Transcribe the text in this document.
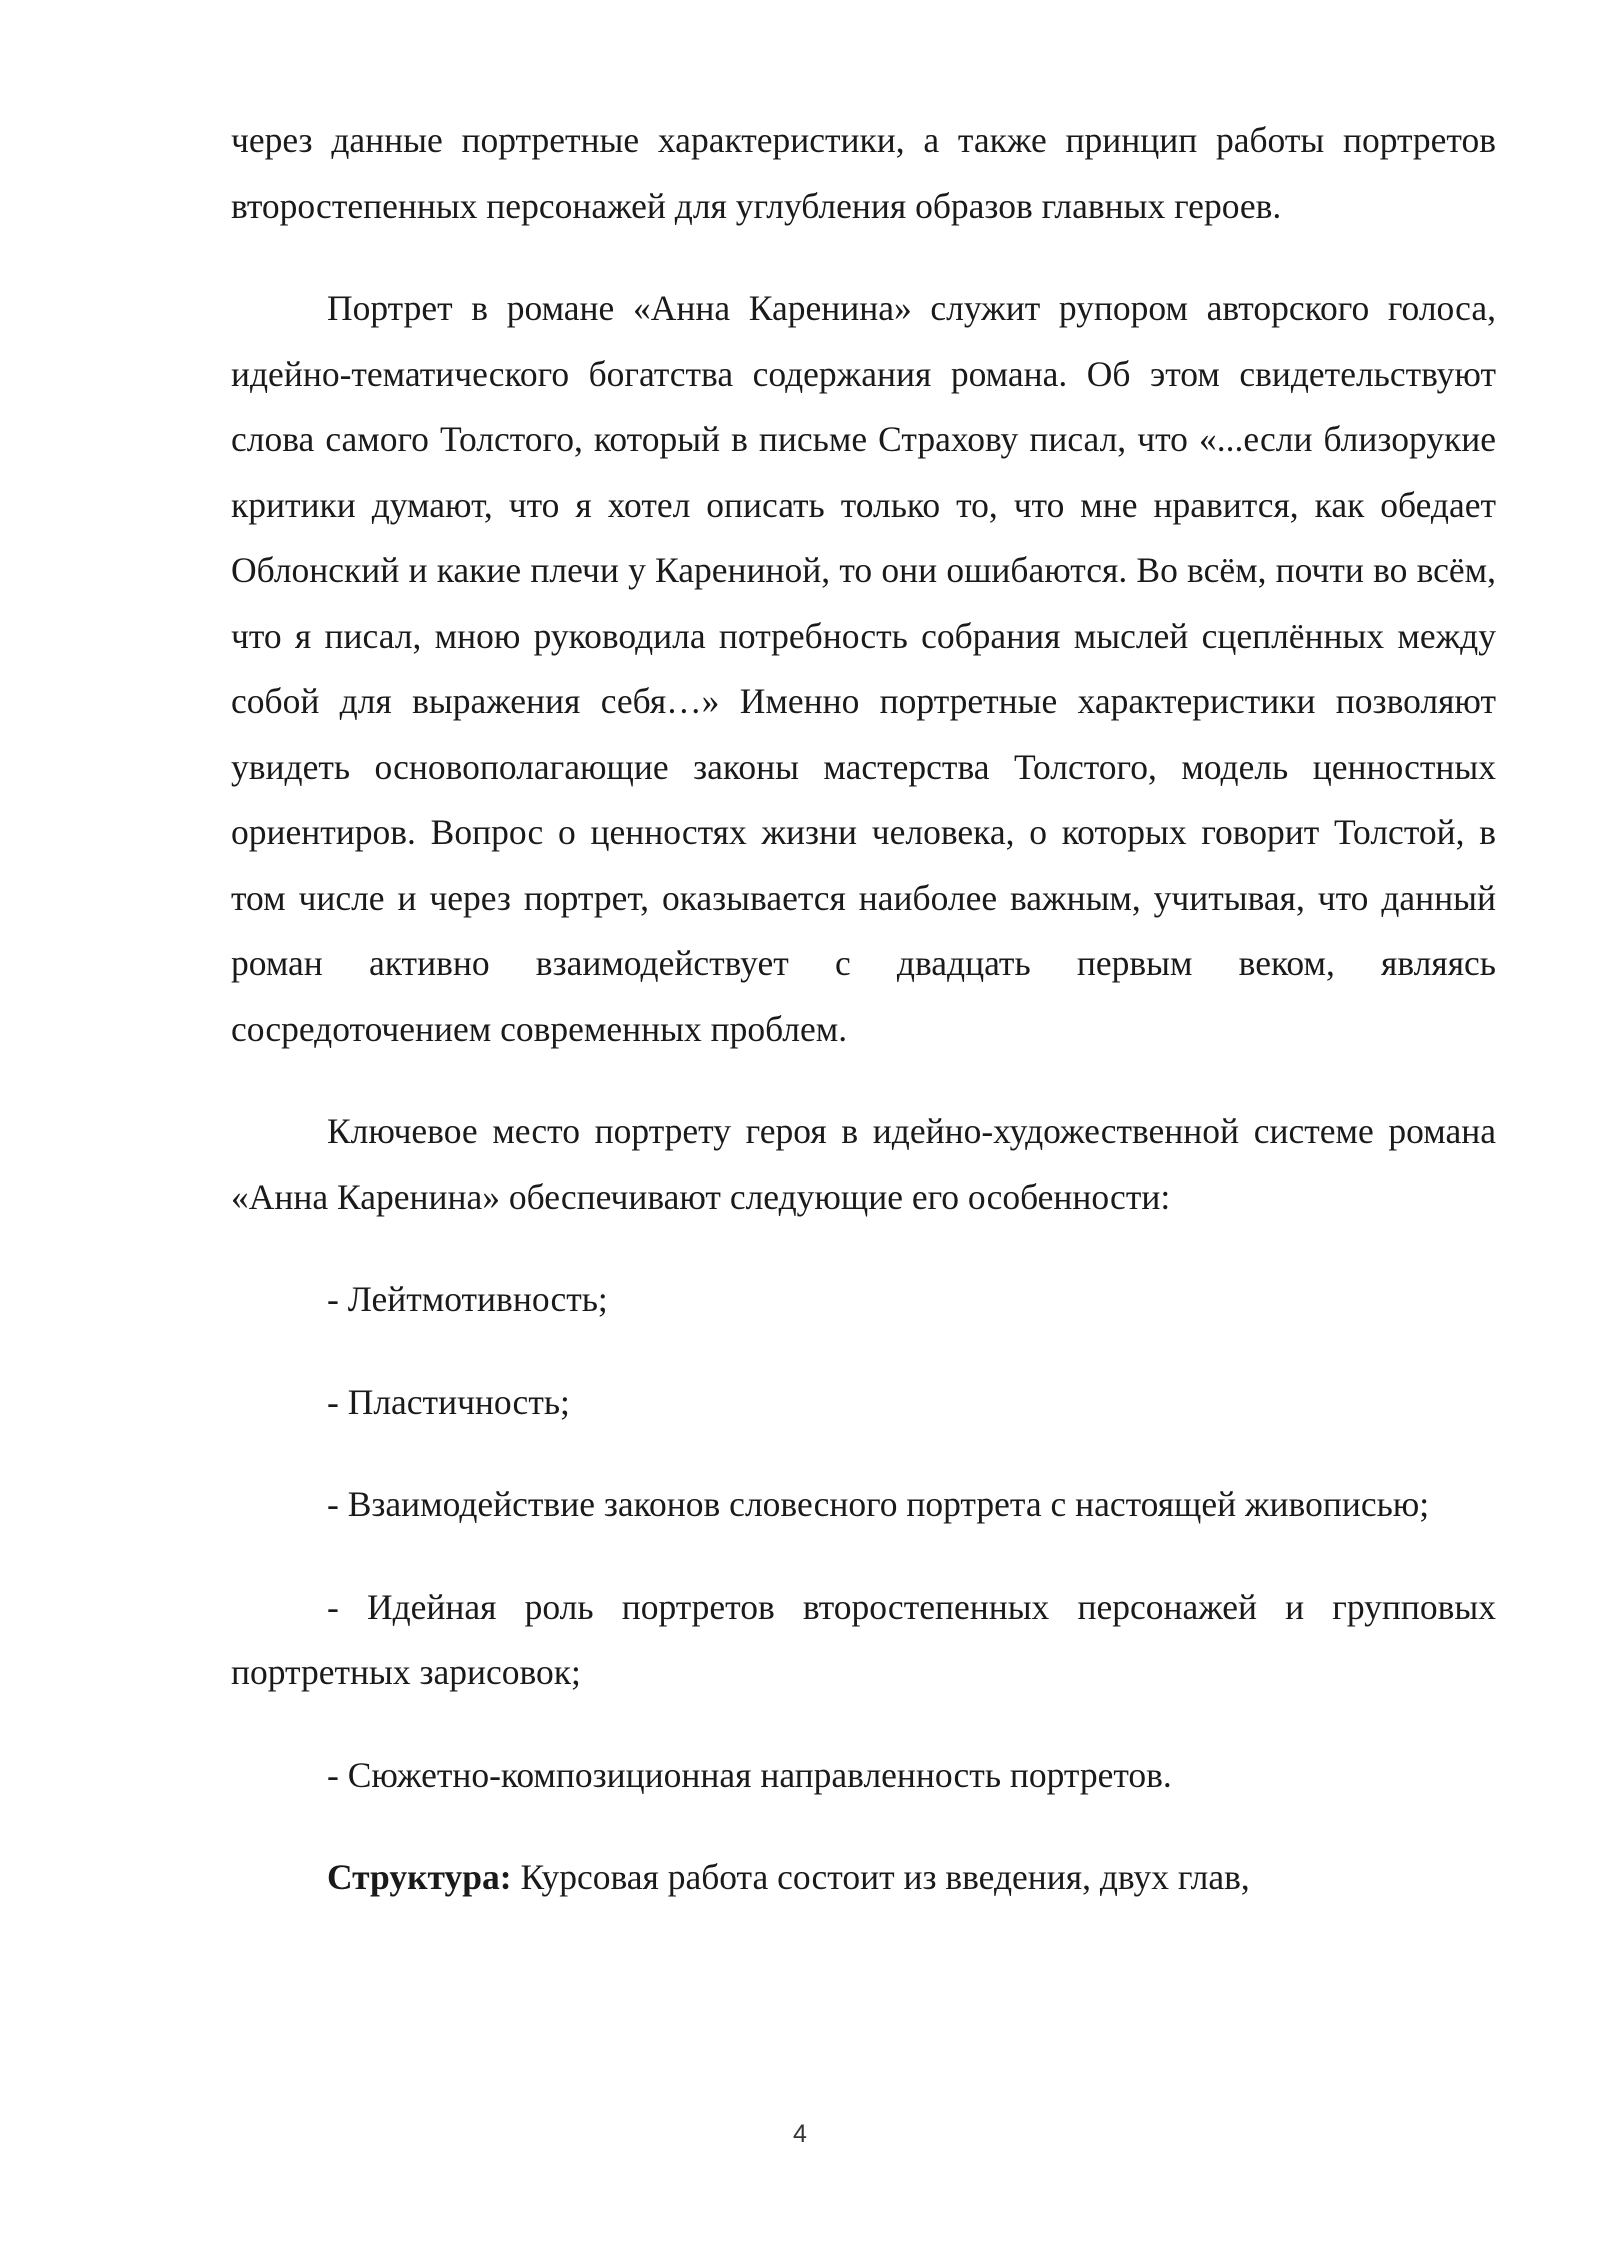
через данные портретные характеристики, а также принцип работы портретов второстепенных персонажей для углубления образов главных героев.

Портрет в романе «Анна Каренина» служит рупором авторского голоса, идейно-тематического богатства содержания романа. Об этом свидетельствуют слова самого Толстого, который в письме Страхову писал, что «...если близорукие критики думают, что я хотел описать только то, что мне нравится, как обедает Облонский и какие плечи у Карениной, то они ошибаются. Во всём, почти во всём, что я писал, мною руководила потребность собрания мыслей сцеплённых между собой для выражения себя…» Именно портретные характеристики позволяют увидеть основополагающие законы мастерства Толстого, модель ценностных ориентиров. Вопрос о ценностях жизни человека, о которых говорит Толстой, в том числе и через портрет, оказывается наиболее важным, учитывая, что данный роман активно взаимодействует с двадцать первым веком, являясь сосредоточением современных проблем.

Ключевое место портрету героя в идейно-художественной системе романа «Анна Каренина» обеспечивают следующие его особенности:

- Лейтмотивность;

- Пластичность;

- Взаимодействие законов словесного портрета с настоящей живописью;

- Идейная роль портретов второстепенных персонажей и групповых портретных зарисовок;

- Сюжетно-композиционная направленность портретов.

Структура: Курсовая работа состоит из введения, двух глав,

4
